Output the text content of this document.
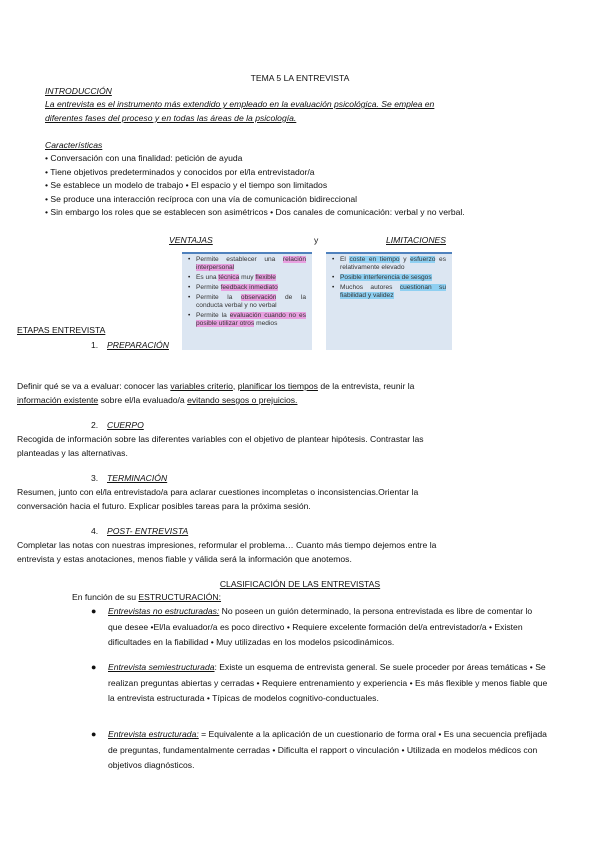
TEMA 5 LA ENTREVISTA
INTRODUCCIÓN
La entrevista es el instrumento más extendido y empleado en la evaluación psicológica. Se emplea en
diferentes fases del proceso y en todas las áreas de la psicología.
Características
• Conversación con una finalidad: petición de ayuda
• Tiene objetivos predeterminados y conocidos por el/la entrevistador/a
• Se establece un modelo de trabajo • El espacio y el tiempo son limitados
• Se produce una interacción recíproca con una vía de comunicación bidireccional
• Sin embargo los roles que se establecen son asimétricos • Dos canales de comunicación: verbal y no verbal.
VENTAJAS	y	LIMITACIONES
• Permite establecer una relación interpersonal
• Es una técnica muy flexible
• Permite feedback inmediato
• Permite la observación de la conducta verbal y no verbal
• Permite la evaluación cuando no es posible utilizar otros medios
• El coste en tiempo y esfuerzo es relativamente elevado
• Posible interferencia de sesgos
• Muchos autores cuestionan su fiabilidad y validez
ETAPAS ENTREVISTA
1. PREPARACIÓN
Definir qué se va a evaluar: conocer las variables criterio, planificar los tiempos de la entrevista, reunir la
información existente sobre el/la evaluado/a evitando sesgos o prejuicios.
2. CUERPO
Recogida de información sobre las diferentes variables con el objetivo de plantear hipótesis. Contrastar las
planteadas y las alternativas.
3. TERMINACIÓN
Resumen, junto con el/la entrevistado/a para aclarar cuestiones incompletas o inconsistencias.Orientar la
conversación hacia el futuro. Explicar posibles tareas para la próxima sesión.
4. POST- ENTREVISTA
Completar las notas con nuestras impresiones, reformular el problema… Cuanto más tiempo dejemos entre la
entrevista y estas anotaciones, menos fiable y válida será la información que anotemos.
CLASIFICACIÓN DE LAS ENTREVISTAS
En función de su ESTRUCTURACIÓN:
● Entrevistas no estructuradas: No poseen un guión determinado, la persona entrevistada es libre de comentar lo que desee •El/la evaluador/a es poco directivo • Requiere excelente formación del/a entrevistador/a • Existen dificultades en la fiabilidad • Muy utilizadas en los modelos psicodinámicos.
● Entrevista semiestructurada: Existe un esquema de entrevista general. Se suele proceder por áreas temáticas • Se realizan preguntas abiertas y cerradas • Requiere entrenamiento y experiencia • Es más flexible y menos fiable que la entrevista estructurada • Típicas de modelos cognitivo-conductuales.
● Entrevista estructurada: = Equivalente a la aplicación de un cuestionario de forma oral • Es una secuencia prefijada de preguntas, fundamentalmente cerradas • Dificulta el rapport o vinculación • Utilizada en modelos médicos con objetivos diagnósticos.
